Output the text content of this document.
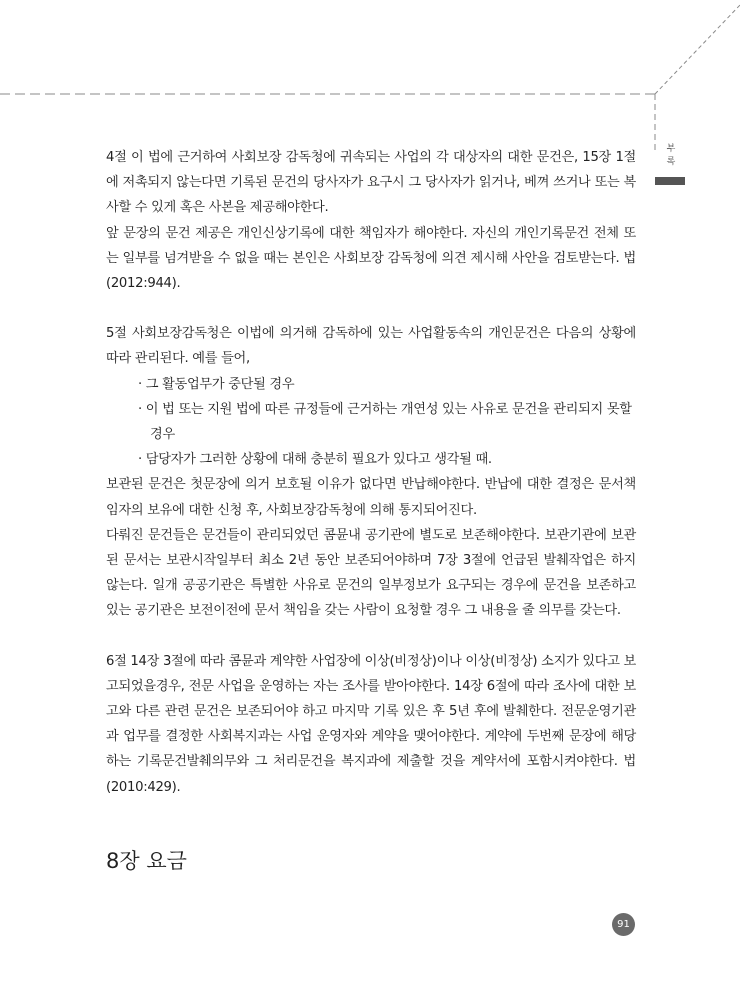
부
록

4절 이 법에 근거하여 사회보장 감독청에 귀속되는 사업의 각 대상자의 대한 문건은, 15장 1절에 저촉되지 않는다면 기록된 문건의 당사자가 요구시 그 당사자가 읽거나, 베껴 쓰거나 또는 복사할 수 있게 혹은 사본을 제공해야한다.

앞 문장의 문건 제공은 개인신상기록에 대한 책임자가 해야한다. 자신의 개인기록문건 전체 또는 일부를 넘겨받을 수 없을 때는 본인은 사회보장 감독청에 의견 제시해 사안을 검토받는다. 법(2012:944).

5절 사회보장감독청은 이법에 의거해 감독하에 있는 사업활동속의 개인문건은 다음의 상황에 따라 관리된다. 예를 들어,

· 그 활동업무가 중단될 경우

· 이 법 또는 지원 법에 따른 규정들에 근거하는 개연성 있는 사유로 문건을 관리되지 못할경우

· 담당자가 그러한 상황에 대해 충분히 필요가 있다고 생각될 때.

보관된 문건은 첫문장에 의거 보호될 이유가 없다면 반납해야한다. 반납에 대한 결정은 문서책임자의 보유에 대한 신청 후, 사회보장감독청에 의해 통지되어진다.

다뤄진 문건들은 문건들이 관리되었던 콤뮨내 공기관에 별도로 보존해야한다. 보관기관에 보관된 문서는 보관시작일부터 최소 2년 동안 보존되어야하며 7장 3절에 언급된 발췌작업은 하지 않는다. 일개 공공기관은 특별한 사유로 문건의 일부정보가 요구되는 경우에 문건을 보존하고 있는 공기관은 보전이전에 문서 책임을 갖는 사람이 요청할 경우 그 내용을 줄 의무를 갖는다.

6절 14장 3절에 따라 콤뮨과 계약한 사업장에 이상(비정상)이나 이상(비정상) 소지가 있다고 보고되었을경우, 전문 사업을 운영하는 자는 조사를 받아야한다. 14장 6절에 따라 조사에 대한 보고와 다른 관련 문건은 보존되어야 하고 마지막 기록 있은 후 5년 후에 발췌한다. 전문운영기관과 업무를 결정한 사회복지과는 사업 운영자와 계약을 맺어야한다. 계약에 두번째 문장에 해당하는 기록문건발췌의무와 그 처리문건을 복지과에 제출할 것을 계약서에 포함시켜야한다. 법(2010:429).

8장 요금
91
